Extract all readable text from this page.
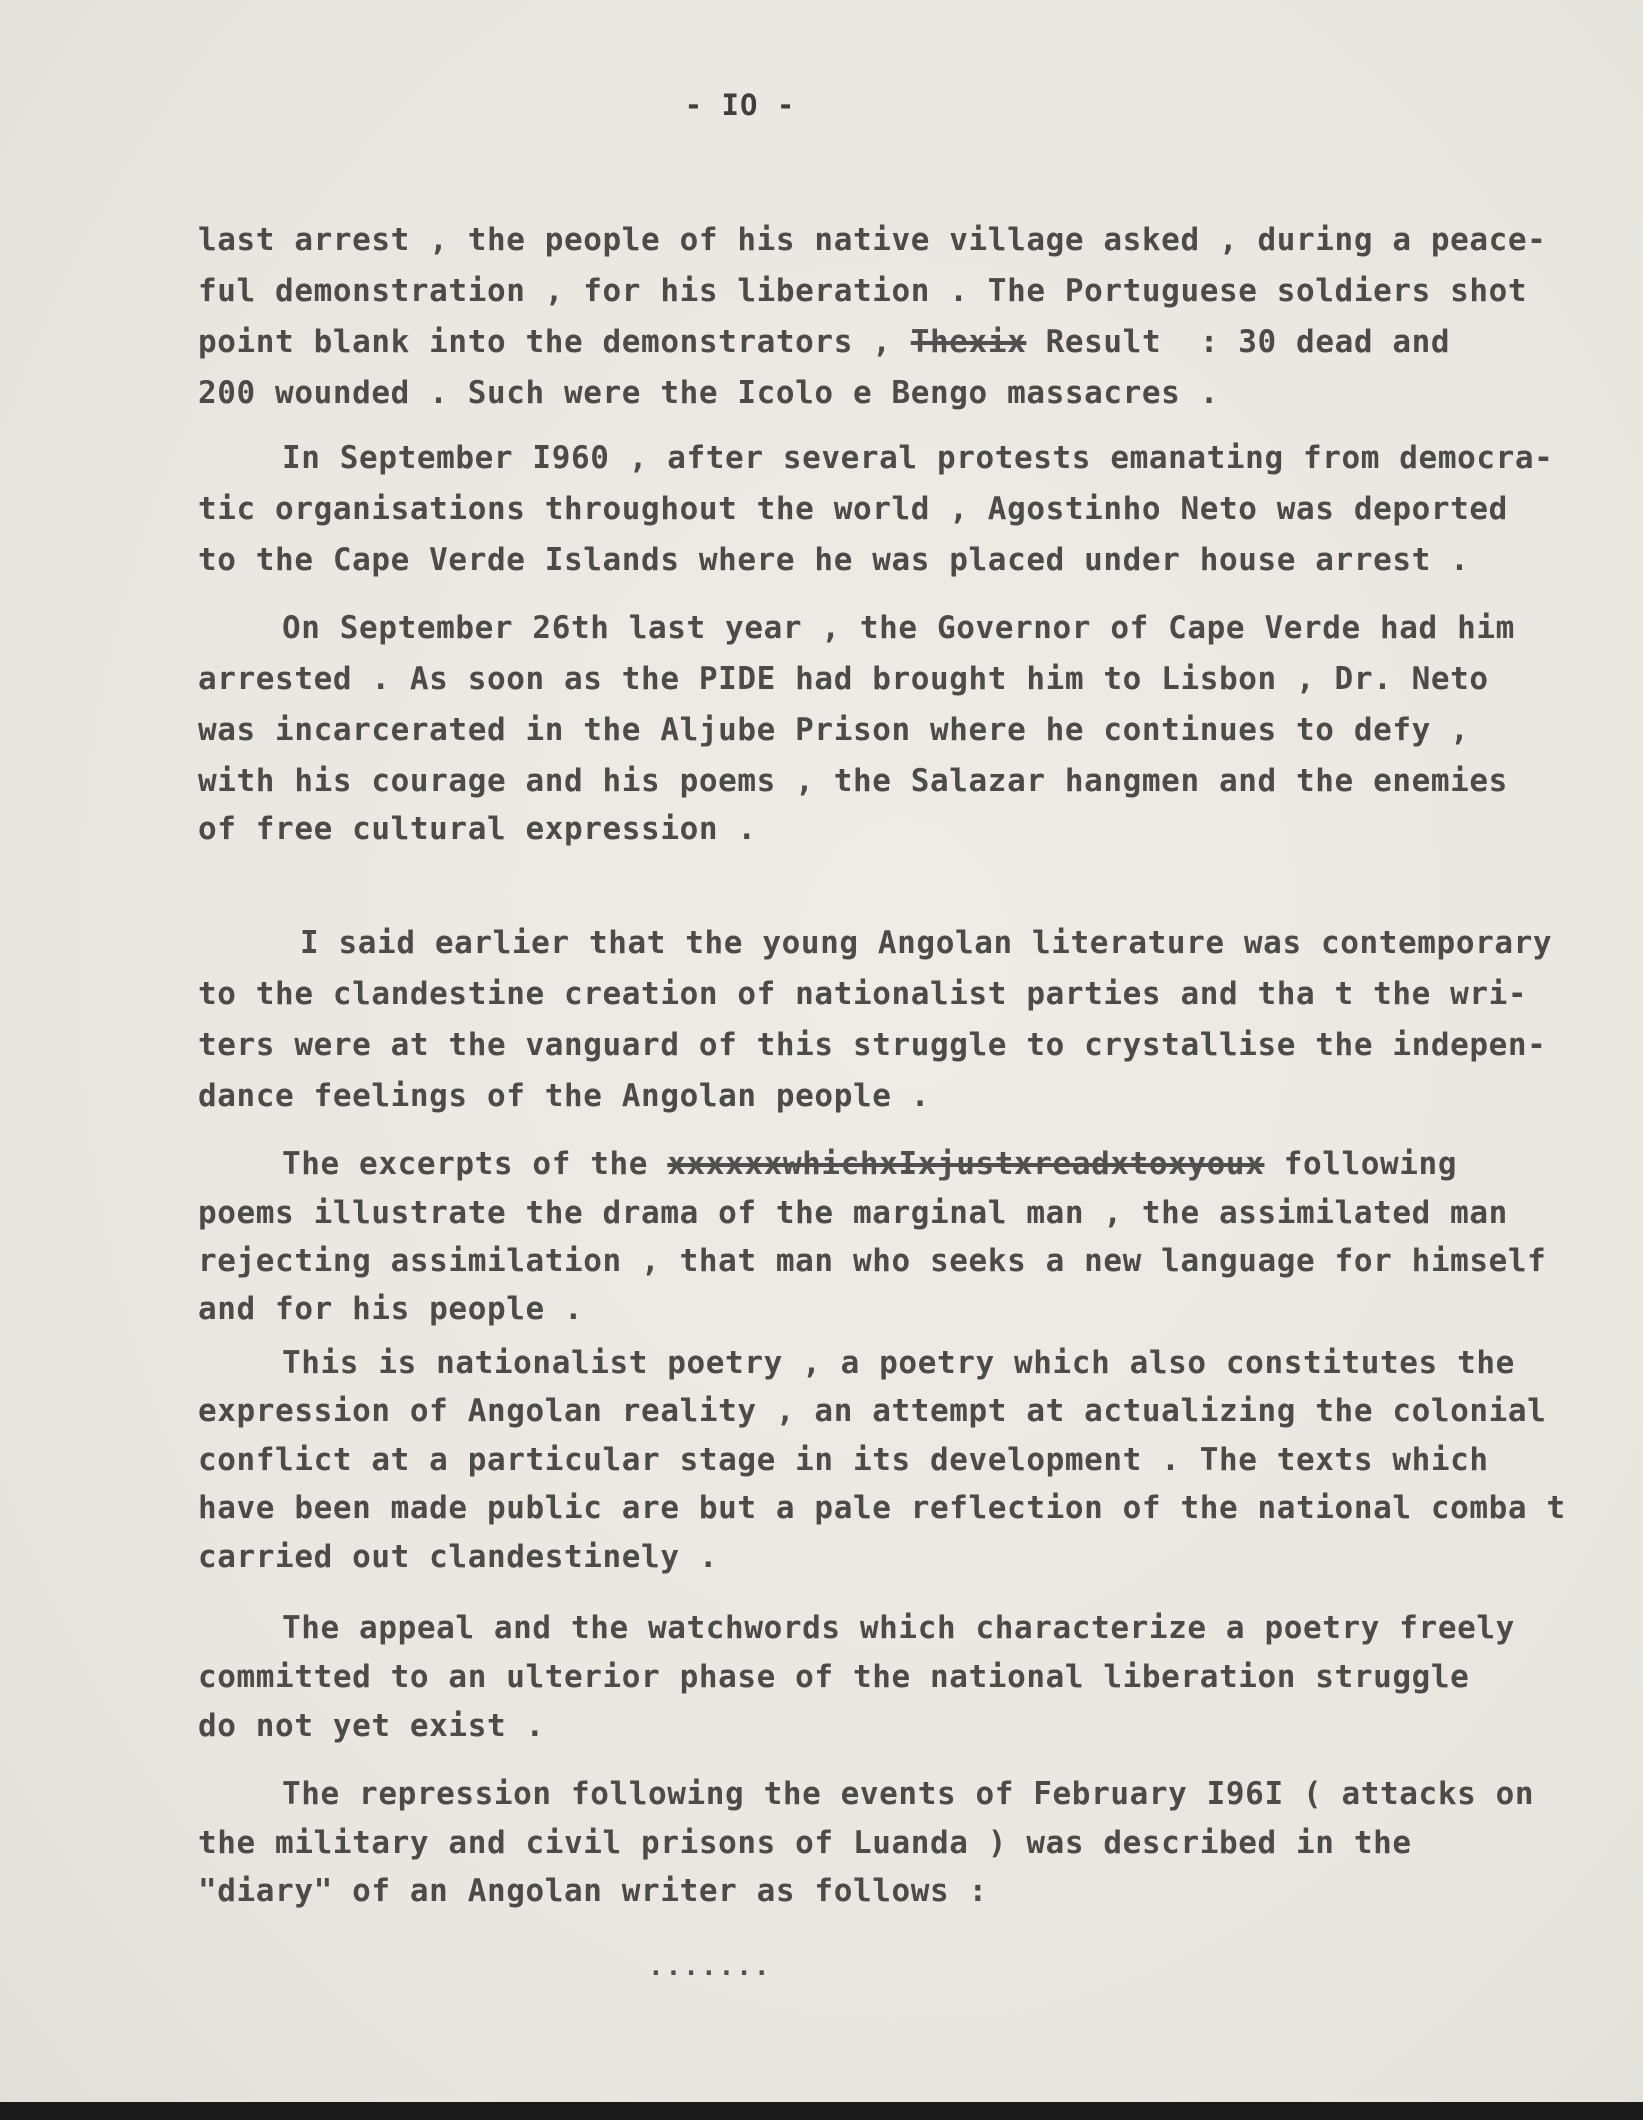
- IO -
last arrest , the people of his native village asked , during a peace-
ful demonstration , for his liberation . The Portuguese soldiers shot
point blank into the demonstrators , Thexix Result  : 30 dead and
200 wounded . Such were the Icolo e Bengo massacres .
In September I960 , after several protests emanating from democra-
tic organisations throughout the world , Agostinho Neto was deported
to the Cape Verde Islands where he was placed under house arrest .
On September 26th last year , the Governor of Cape Verde had him
arrested . As soon as the PIDE had brought him to Lisbon , Dr. Neto
was incarcerated in the Aljube Prison where he continues to defy ,
with his courage and his poems , the Salazar hangmen and the enemies
of free cultural expression .
I said earlier that the young Angolan literature was contemporary
to the clandestine creation of nationalist parties and tha t the wri-
ters were at the vanguard of this struggle to crystallise the indepen-
dance feelings of the Angolan people .
The excerpts of the xxxxxxwhichxIxjustxreadxtoxyoux following
poems illustrate the drama of the marginal man , the assimilated man
rejecting assimilation , that man who seeks a new language for himself
and for his people .
This is nationalist poetry , a poetry which also constitutes the
expression of Angolan reality , an attempt at actualizing the colonial
conflict at a particular stage in its development . The texts which
have been made public are but a pale reflection of the national comba t
carried out clandestinely .
The appeal and the watchwords which characterize a poetry freely
committed to an ulterior phase of the national liberation struggle
do not yet exist .
The repression following the events of February I96I ( attacks on
the military and civil prisons of Luanda ) was described in the
"diary" of an Angolan writer as follows :
.......
